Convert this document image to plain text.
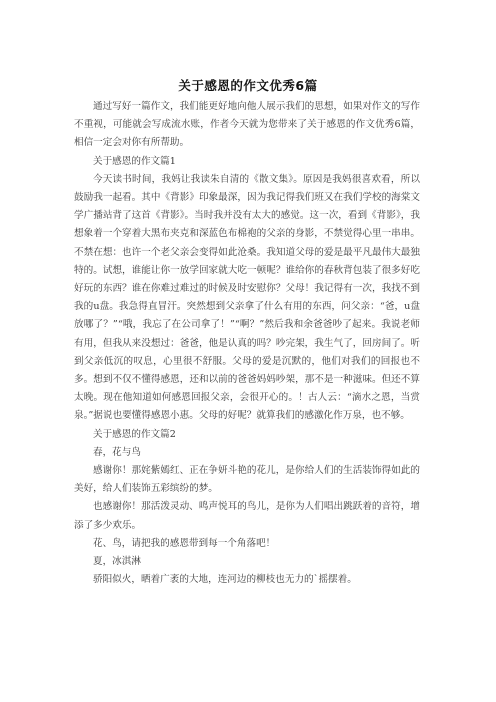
关于感恩的作文优秀6篇

通过写好一篇作文，我们能更好地向他人展示我们的思想，如果对作文的写作不重视，可能就会写成流水账，作者今天就为您带来了关于感恩的作文优秀6篇，相信一定会对你有所帮助。

关于感恩的作文篇1

今天读书时间，我妈让我读朱自清的《散文集》。原因是我妈很喜欢看，所以鼓励我一起看。其中《背影》印象最深，因为我记得我们班又在我们学校的海棠文学广播站背了这首《背影》。当时我并没有太大的感觉。这一次，看到《背影》，我想象着一个穿着大黑布夹克和深蓝色布棉袍的父亲的身影，不禁觉得心里一串串。不禁在想：也许一个老父亲会变得如此沧桑。我知道父母的爱是最平凡最伟大最独特的。试想，谁能让你一放学回家就大吃一顿呢？谁给你的春秋背包装了很多好吃好玩的东西？谁在你难过难过的时候及时安慰你？父母！我记得有一次，我找不到我的u盘。我急得直冒汗。突然想到父亲拿了什么有用的东西，问父亲：“爸，u盘放哪了？”“哦，我忘了在公司拿了！”“啊？”然后我和余爸爸吵了起来。我说老师有用，但我从来没想过：爸爸，他是认真的吗？吵完架，我生气了，回房间了。听到父亲低沉的叹息，心里很不舒服。父母的爱是沉默的，他们对我们的回报也不多。想到不仅不懂得感恩，还和以前的爸爸妈妈吵架，那不是一种滋味。但还不算太晚。现在他知道如何感恩回报父亲，会很开心的。！古人云：“滴水之恩，当赏泉。”据说也要懂得感恩小惠。父母的好呢？就算我们的感激化作万泉，也不够。

关于感恩的作文篇2

春，花与鸟

感谢你！那姹紫嫣红、正在争妍斗艳的花儿，是你给人们的生活装饰得如此的美好，给人们装饰五彩缤纷的梦。

也感谢你！那活泼灵动、鸣声悦耳的鸟儿，是你为人们唱出跳跃着的音符，增添了多少欢乐。

花、鸟，请把我的感恩带到每一个角落吧！

夏，冰淇淋

骄阳似火，晒着广袤的大地，连河边的柳枝也无力的`摇摆着。
